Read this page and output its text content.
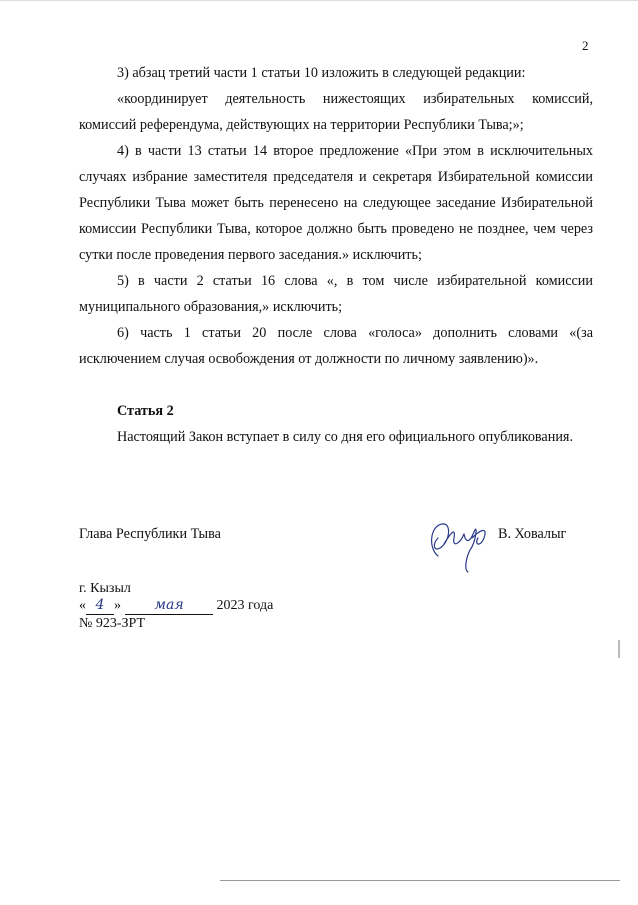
2

3) абзац третий части 1 статьи 10 изложить в следующей редакции:

«координирует деятельность нижестоящих избирательных комиссий, комиссий референдума, действующих на территории Республики Тыва;»;

4) в части 13 статьи 14 второе предложение «При этом в исключительных случаях избрание заместителя председателя и секретаря Избирательной комиссии Республики Тыва может быть перенесено на следующее заседание Избирательной комиссии Республики Тыва, которое должно быть проведено не позднее, чем через сутки после проведения первого заседания.» исключить;

5) в части 2 статьи 16 слова «, в том числе избирательной комиссии муниципального образования,» исключить;

6) часть 1 статьи 20 после слова «голоса» дополнить словами «(за исключением случая освобождения от должности по личному заявлению)».

Статья 2

Настоящий Закон вступает в силу со дня его официального опубликования.

Глава Республики Тыва	В. Ховалыг
г. Кызыл
« 4 » мая 2023 года
№ 923-ЗРТ
